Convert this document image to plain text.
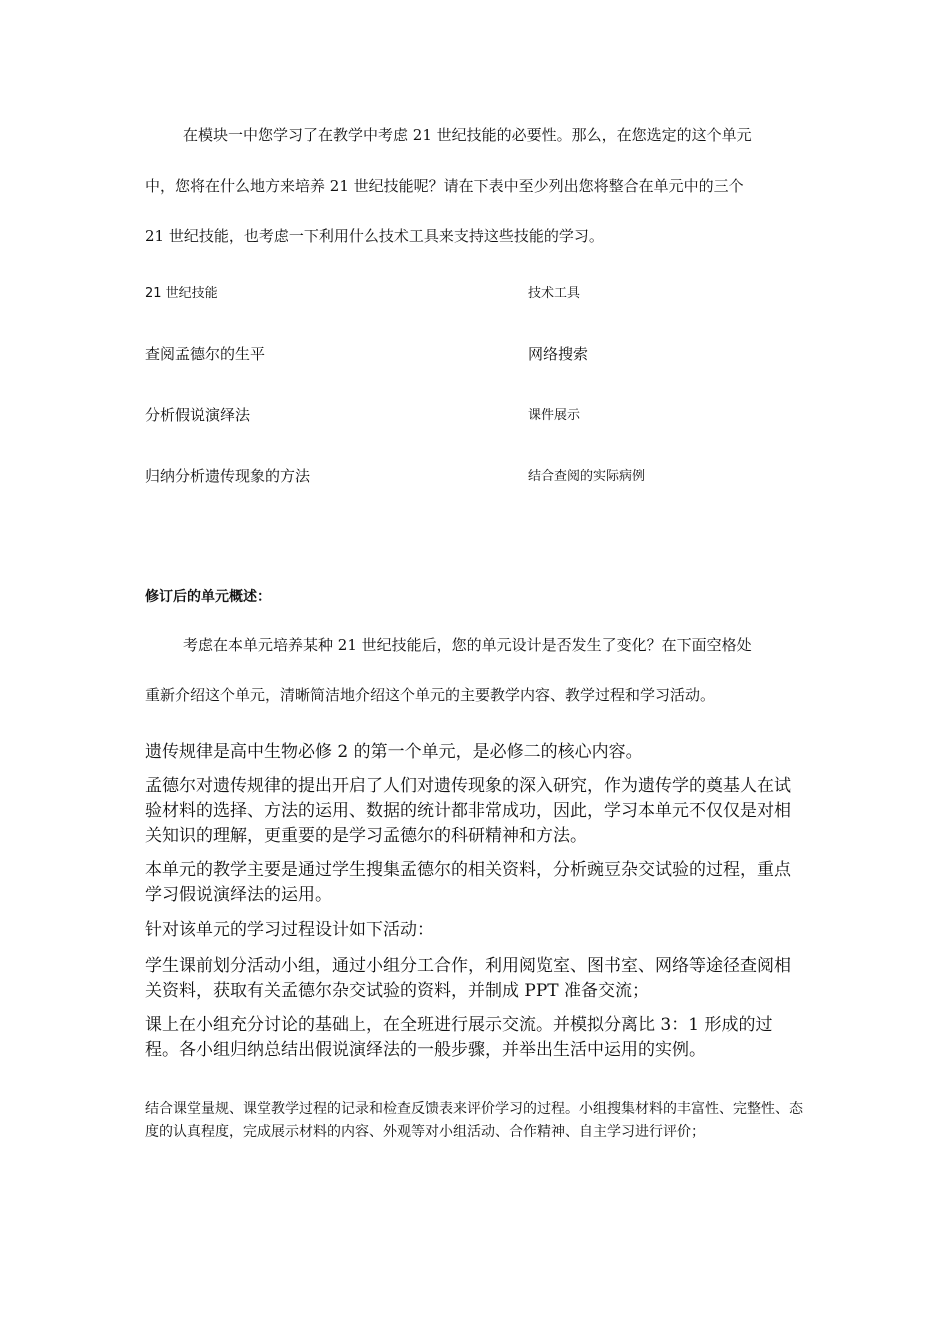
在模块一中您学习了在教学中考虑 21 世纪技能的必要性。那么，在您选定的这个单元
中，您将在什么地方来培养 21 世纪技能呢？请在下表中至少列出您将整合在单元中的三个
21 世纪技能，也考虑一下利用什么技术工具来支持这些技能的学习。
21 世纪技能	技术工具
查阅孟德尔的生平	网络搜索
分析假说演绎法	课件展示
归纳分析遗传现象的方法	结合查阅的实际病例
修订后的单元概述：
考虑在本单元培养某种 21 世纪技能后，您的单元设计是否发生了变化？在下面空格处
重新介绍这个单元，清晰简洁地介绍这个单元的主要教学内容、教学过程和学习活动。

遗传规律是高中生物必修 2 的第一个单元，是必修二的核心内容。

孟德尔对遗传规律的提出开启了人们对遗传现象的深入研究，作为遗传学的奠基人在试验材料的选择、方法的运用、数据的统计都非常成功，因此，学习本单元不仅仅是对相关知识的理解，更重要的是学习孟德尔的科研精神和方法。

本单元的教学主要是通过学生搜集孟德尔的相关资料，分析豌豆杂交试验的过程，重点学习假说演绎法的运用。

针对该单元的学习过程设计如下活动：

学生课前划分活动小组，通过小组分工合作，利用阅览室、图书室、网络等途径查阅相关资料，获取有关孟德尔杂交试验的资料，并制成 PPT 准备交流；

课上在小组充分讨论的基础上，在全班进行展示交流。并模拟分离比 3：1 形成的过程。各小组归纳总结出假说演绎法的一般步骤，并举出生活中运用的实例。

结合课堂量规、课堂教学过程的记录和检查反馈表来评价学习的过程。小组搜集材料的丰富性、完整性、态度的认真程度，完成展示材料的内容、外观等对小组活动、合作精神、自主学习进行评价；
